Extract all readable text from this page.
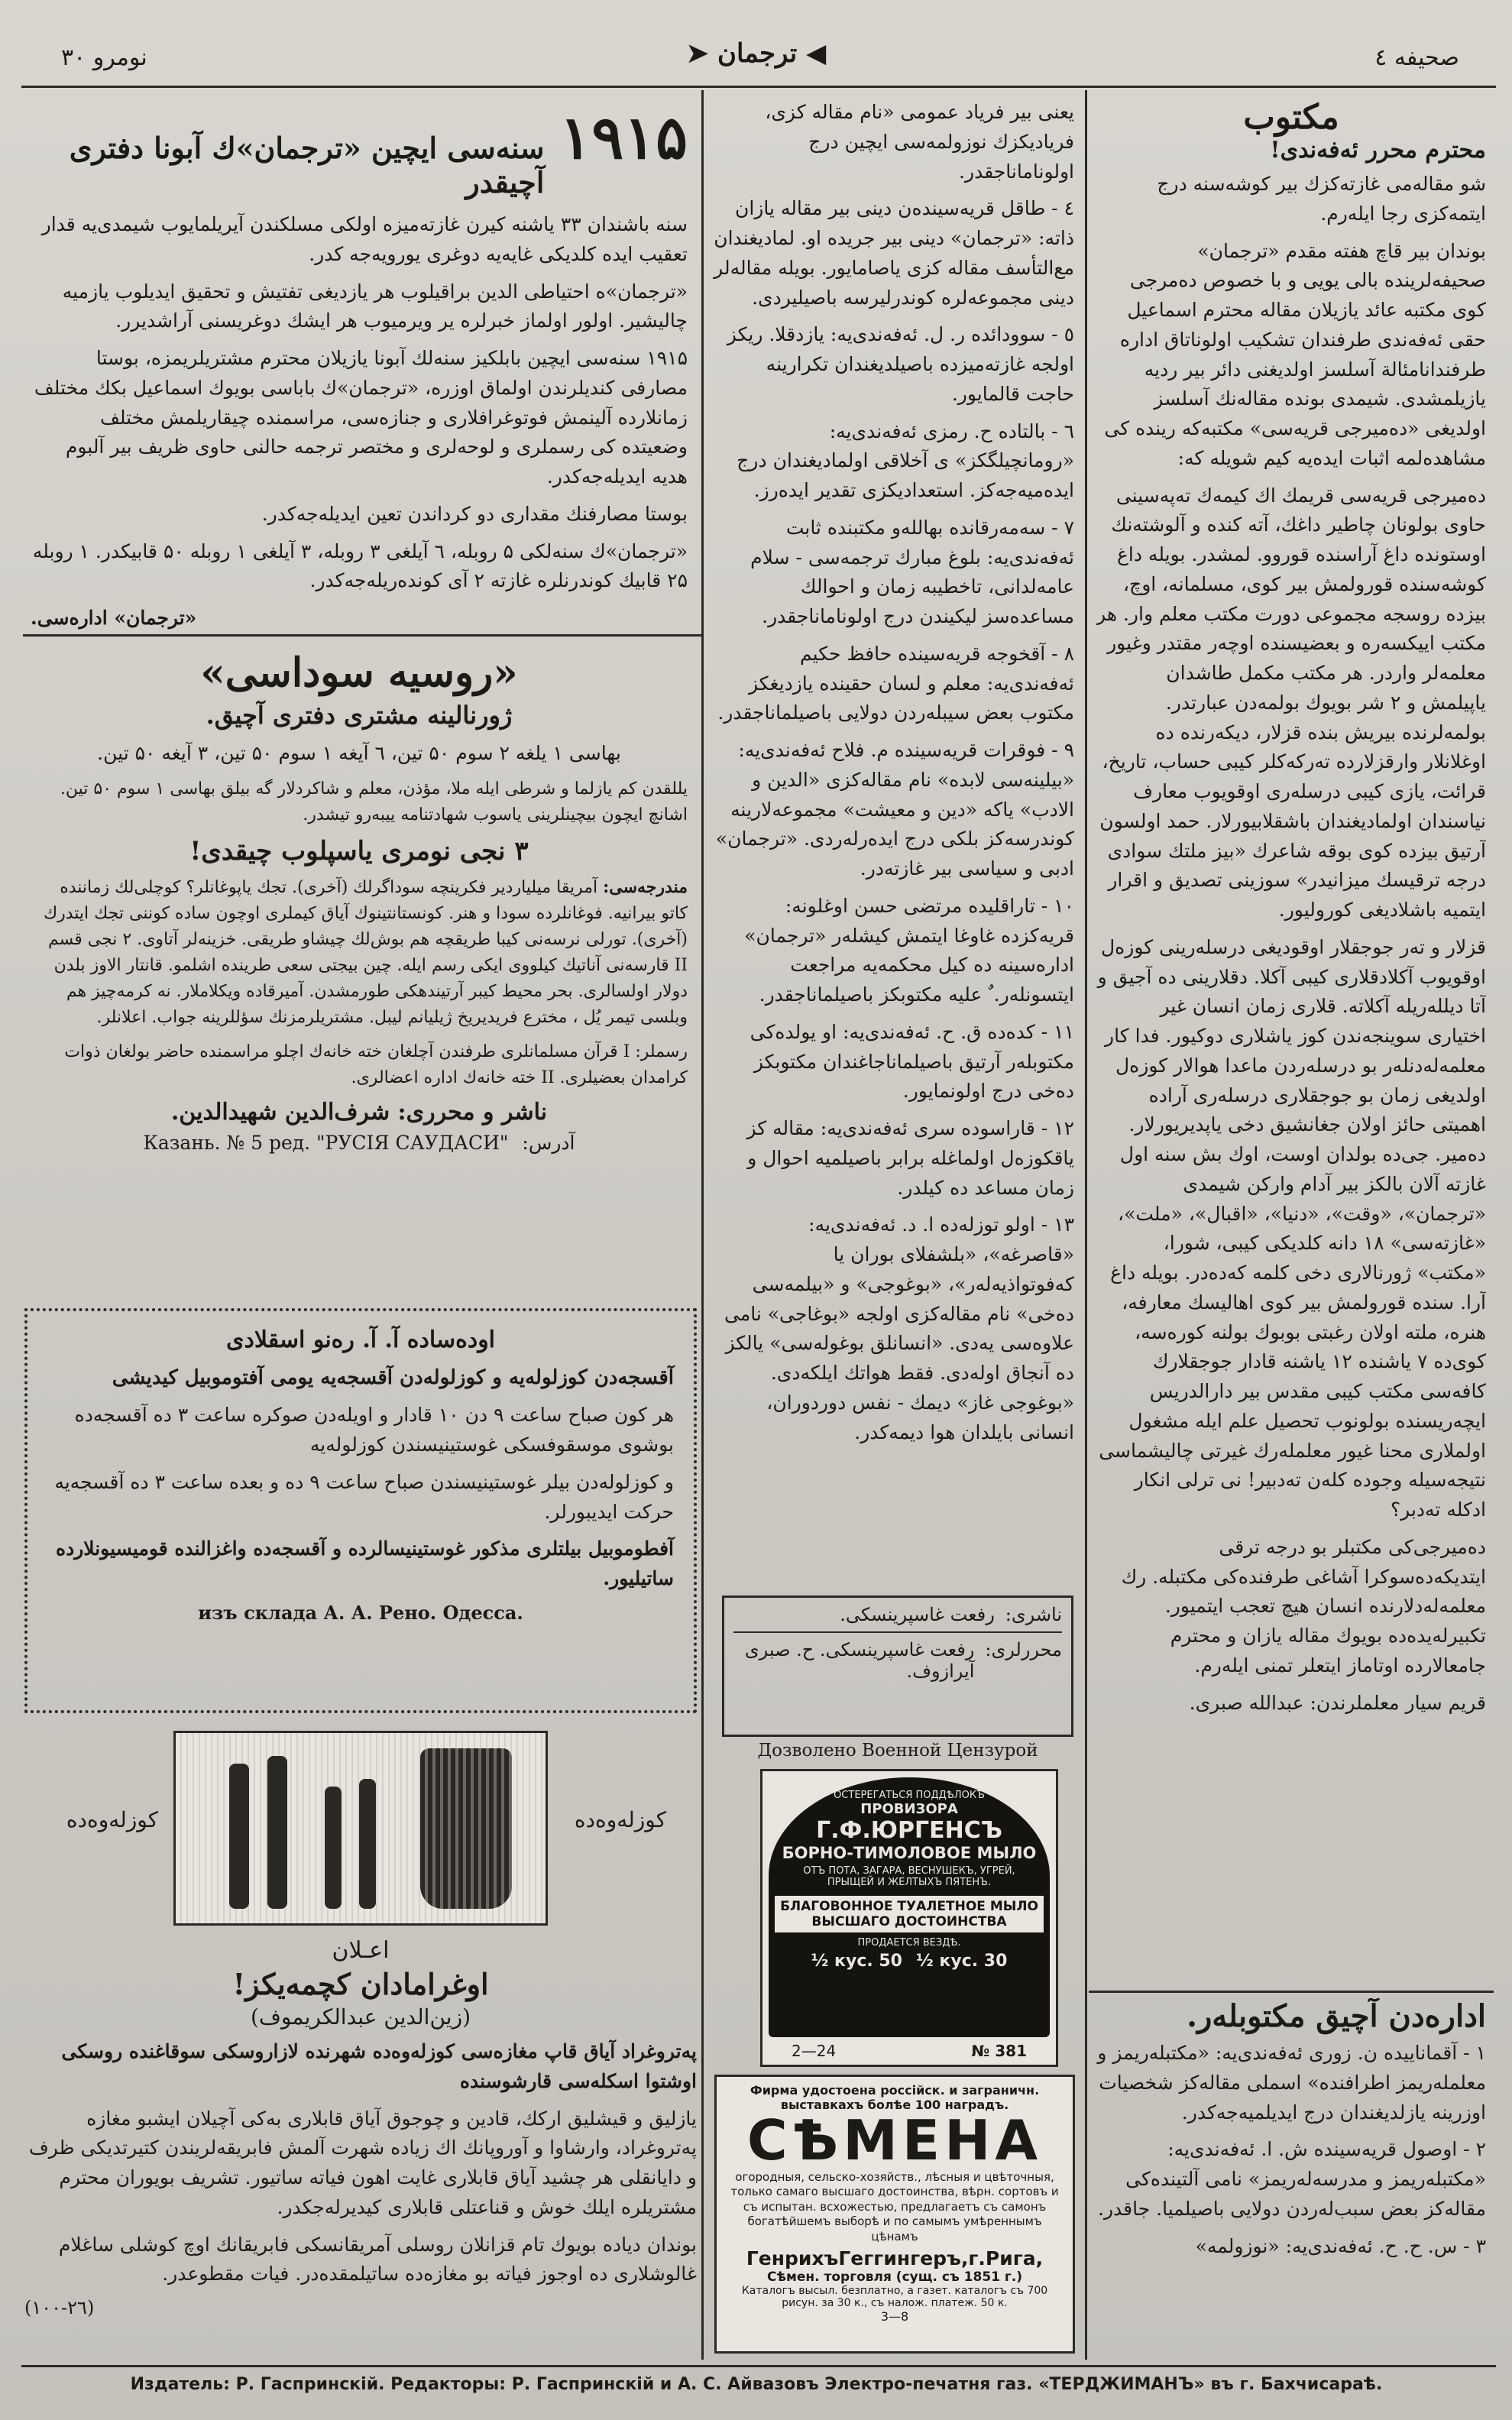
نومرو ۳۰	➤ ترجمان ◀	صحیفه ٤
۱۹۱۵
سنه‌سی ایچین «ترجمان»‌ك آبونا دفتری آچیقدر

سنه باشندان ۳۳ یاشنه کیرن غازته‌میزه اولکی مسلکندن آیریلمایوب شیمدی‌یه قدار تعقیب ایده کلدیکی غایه‌یه دوغری یورویه‌جه کدر.

«ترجمان»‌ه احتیاطی الدین براقیلوب هر یازدیغی تفتیش و تحقیق ایدیلوب یازمیه چالیشیر. اولور اولماز خبرلره یر ویرمیوب هر ایشك دوغریسنی آراشدیرر.

۱۹۱۵ سنه‌سی ایچین بابلکیز سنه‌لك آبونا یازیلان محترم مشتریلریمزه، بوستا مصارفی کندیلرندن اولماق اوزره، «ترجمان»‌ك باباسی بویوك اسماعیل بکك مختلف زمانلارده آلینمش فوتوغرافلاری و جنازه‌سی، مراسمنده چیقاریلمش مختلف وضعیتده کی رسملری و لوحه‌لری و مختصر ترجمه حالنی حاوی ظریف بیر آلبوم هدیه ایدیله‌جه‌کدر.

بوستا مصارفنك مقداری دو کرداندن تعین ایدیله‌جه‌کدر.

«ترجمان»‌ك سنه‌لکی ۵ روبله، ٦ آیلغی ۳ روبله، ۳ آیلغی ۱ روبله ۵۰ قابیکدر. ۱ روبله ۲۵ قابیك کوندرنلره غازته ۲ آی کونده‌ریله‌جه‌کدر.

«ترجمان» اداره‌سی.

«روسیه سوداسی»
ژورنالینه مشتری دفتری آچیق.

بهاسی ۱ یلغه ۲ سوم ۵۰ تین، ٦ آیغه ۱ سوم ۵۰ تین، ۳ آیغه ۵۰ تین.

یللقدن کم یازلما و شرطی ایله ملا، مؤذن، معلم و شاکردلار گه بیلق بهاسی ۱ سوم ۵۰ تین. اشانچ ایچون بیچینلرینی یاسوب شهادتنامه ییبه‌رو تیشدر.

۳ نجی نومری یاسپلوب چیقدی!

مندرجه‌سی: آمریقا میلیاردیر فکرینچه سوداگرلك (آخری). تجك یاپوغانلر؟ کوچلی‌لك زماننده کاتو بیرانیه. فوغانلرده سودا و هنر. کونستانتینوك آیاق کیملری اوچون ساده کوننی تجك ایتدرك (آخری). تورلی نرسه‌نی کیبا طریقچه هم بوش‌لك چیشاو طریقی. خزینه‌لر آتاوی. ۲ نجی قسم II قارسه‌نی آناتیك کیلووی ایکی رسم ایله. چین بیجتی سعی طرینده اشلمو. قانتار الاوز بلدن دولار اولسالری. بحر محیط کیبر آرتیندهکی طورمشدن. آمیرقاده ویکلاملار. نه کرمه‌چیز هم وبلسی تیمر یُل ، مخترع فریدیریخ ژیلیانم لیبل. مشتریلرمزنك سؤللرینه جواب. اعلانلر.

رسملر: I قرآن مسلمانلری طرفندن آچلغان خته خانه‌ك اچلو مراسمنده حاضر بولغان ذوات کرامدان بعضیلری. II خته خانه‌ك اداره اعضالری.

ناشر و محرری: شرف‌الدین شهیدالدین.
آدرس:
Казань. № 5 ред. "РУСІЯ САУДАСИ"
اودەسادە آ. آ. رەنو اسقلادی

آقسجەدن کوزلولەیە و کوزلولەدن آقسجەیە یومی آفتوموبیل کیدیشی

هر کون صباح ساعت ۹ دن ۱۰ قادار و اویلەدن صوکرە ساعت ۳ دە آقسجەدە بوشوی موسقوفسکی غوستینیسندن کوزلولەیە

و کوزلولەدن بیلر غوستینیسندن صباح ساعت ۹ دە و بعدە ساعت ۳ دە آقسجەیە حرکت ایدیبورلر.

آفطوموبیل بیلتلری مذکور غوستینیسالردە و آقسجەدە واغزالندە قومیسیونلاردە ساتیلیور.

изъ склада А. А. Рено. Одесса.
کوزلەوەدە	کوزلەوەدە
اعـلان
اوغرامادان کچمەیکز!
(زین‌الدین عبدالکریموف)

پەتروغراد آیاق قاپ مغازەسی کوزلەوەدە شهرندە لازاروسکی سوقاغندە روسکی اوشتوا اسکلەسی قارشوسندە

یازلیق و قیشلیق ارکك، قادین و چوجوق آیاق قابلاری بەکی آچیلان ایشبو مغازە پەتروغراد، وارشاوا و آوروپانك اك زیادە شهرت آلمش فابریقەلریندن کتیرتدیکی ظرف و دایانقلی هر چشید آیاق قابلاری غایت اهون فیاتە ساتیور. تشریف بویوران محترم مشتریلرە ایلك خوش و قناعتلی قابلاری کیدیرلەجکدر.

بوندان دیادە بویوك تام قزانلان روسلی آمریقانسکی فابریقانك اوچ کوشلی ساغلام غالوشلاری دە اوجوز فیاتە بو مغازەدە ساتیلمقدەدر. فیات مقطوعدر.

(٢٦-١٠٠)

یعنی بیر فریاد عمومی «نام مقالە کزی، فریادیکزك نوزولمەسی ایچین درج اولوناماناجقدر.

٤ - طاقل قریەسیندەن دینی بیر مقالە یازان ذاتە: «ترجمان» دینی بیر جریدە او. لمادیغندان مع‌التأسف مقالە کزی یاصامایور. بویلە مقالەلر دینی مجموعەلرە کوندرلیرسە باصیلیردی.

٥ - سوودائدە ر. ل. ئەفەندی‌یە: یازدقلا. ریکز اولجە غازتەمیزدە باصیلدیغندان تکرارینە حاجت قالمایور.

٦ - بالتادە ح. رمزی ئەفەندی‌یە: «رومانچیلگکز» ی آخلاقی اولمادیغندان درج ایدەمیەجەکز. استعدادیکزی تقدیر ایدەرز.

٧ - سەمەرقاندە بهاللەو مکتبندە ثابت ئەفەندی‌یە: بلوغ مبارك ترجمەسی - سلام عامەلدانی، تاخطیبە زمان و احوالك مساعدەسز لیکیندن درج اولوناماناجقدر.

٨ - آقخوجە قریەسیندە حافظ حکیم ئەفەندی‌یە: معلم و لسان حقیندە یازدیغکز مکتوب بعض سیبلەردن دولایی باصیلماناجقدر.

٩ - فوقرات قریەسیندە م. فلاح ئەفەندی‌یە: «بیلینەسی لابدە» نام مقالەکزی «الدین و الادب» یاکە «دین و معیشت» مجموعەلارینە کوندرسە‌کز بلکی درج ایدەرلەردی. «ترجمان» ادبی و سیاسی بیر غازتەدر.

١٠ - تاراقلیدە مرتضی حسن اوغلونە: قریەکزدە غاوغا ایتمش کیشلەر «ترجمان» ادارەسینە دە کیل محکمەیە مراجعت ایتسونلەر. ٌ عليه مکتوبکز باصیلماناجقدر.

١١ - کدە‌دە ق. ح. ئەفەندی‌یە: او یولدەکی مکتوبلەر آرتیق باصیلماناجاغندان مکتوبکز دەخی درج اولونمایور.

١٢ - قاراسودە سری ئەفەندی‌یە: مقالە کز یاقکوزەل اولماغلە برابر باصیلمیە احوال و زمان مساعد دە کیلدر.

١٣ - اولو توزلەدە ا. د. ئەفەندی‌یە: «قاصرغە»، «بلشفلای بوران یا کەفوتواذیەلەر»، «بوغوجی» و «بیلمەسی دەخی» نام مقالەکزی اولجە «بوغاجی» نامی علاوەسی یەدی. «انسانلق بوغولەسی» یالکز دە آنجاق اولەدی. فقط هواتك ایلکەدی. «بوغوجی غاز» دیمك - نفس دوردوران، انسانی بایلدان هوا دیمەکدر.

ناشری:
رفعت غاسپرینسکی.
محررلری:
رفعت غاسپرینسکی. ح. صبری آیرازوف.
Дозволено Военной Цензурой
ОСТЕРЕГАТЬСЯ ПОДДѢЛОКЪ
ПРОВИЗОРА
Г.Ф.ЮРГЕНСЪ
БОРНО-ТИМОЛОВОЕ МЫЛО
ОТЪ ПОТА, ЗАГАРА, ВЕСНУШЕКЪ, УГРЕЙ, ПРЫЩЕЙ И ЖЕЛТЫХЪ ПЯТЕНЪ.
БЛАГОВОННОЕ ТУАЛЕТНОЕ МЫЛО ВЫСШАГО ДОСТОИНСТВА
ПРОДАЕТСЯ ВЕЗДѢ.
½ кус. 50 ½ кус. 30
2—24	№ 381
Фирма удостоена россійск. и заграничн. выставкахъ болѣе 100 наградъ.
СѢМЕНА
огородныя, сельско-хозяйств., лѣсныя и цвѣточныя, только самаго высшаго достоинства, вѣрн. сортовъ и съ испытан. всхожестью, предлагаетъ съ самонъ богатѣйшемъ выборѣ и по самымъ умѣреннымъ цѣнамъ
ГенрихъГеггингеръ,г.Рига,
Сѣмен. торговля (сущ. съ 1851 г.)
Каталогъ высыл. безплатно, а газет. каталогъ съ 700 рисун. за 30 к., съ налож. платеж. 50 к.
3—8
مکتوب
محترم محرر ئەفەندی!

شو مقالەمی غازتەکزك بیر کوشەسنە درج ایتمەکزی رجا ایلەرم.

بوندان بیر قاچ هفتە مقدم «ترجمان» صحیفەلریندە بالی یویی و با خصوص دەمرجی کوی مکتبە عائد یازیلان مقالە محترم اسماعیل حقی ئەفەندی طرفندان تشکیب اولوناتاق ادارە طرفندانامئالة آسلسز اولدیغنی دائر بیر ردیە یازیلمشدی. شیمدی بوندە مقالەنك آسلسز اولدیغی «دەمیرجی قریەسی» مکتبەکە ریندە کی مشاهدەلمە اثبات ایدەیە کیم شویلە کە:

دەمیرجی قریەسی قریمك اك کیمەك تەپەسینی حاوی بولونان چاطیر داغك، آتە کندە و آلوشتەنك اوستوندە داغ آراسندە قوروو. لمشدر. بویلە داغ کوشەسندە قورولمش بیر کوی، مسلمانە، اوچ، بیزدە روسجە مجموعی دورت مکتب معلم وار. هر مکتب اییکسەرە و بعضیسندە اوچەر مقتدر وغیور معلمەلر واردر. هر مکتب مکمل طاشدان یاپیلمش و ۲ شر بویوك بولمەدن عبارتدر. بولمەلرندە بیریش بندە قزلار، دیکەرندە دە اوغلانلار وارقزلاردە تەرکەکلر کیبی حساب، تاریخ، قرائت، یازی کیبی درسلەری اوقویوب معارف نیاسندان اولمادیغندان باشقلابیورلار. حمد اولسون آرتیق بیزدە کوی بوقه شاعرك «بیز ملتك سوادی درجە ترقیسك میزانیدر» سوزینی تصدیق و اقرار ایتمیە باشلادیغی کورولیور.

قزلار و تەر جوجقلار اوقودیغی درسلەرینی کوزەل اوقویوب آکلادقلاری کیبی آکلا. دقلارینی دە آجیق و آتا دیللەریلە آکلاتە. قلاری زمان انسان غیر اختیاری سوینجەندن کوز یاشلاری دوکیور. فدا کار معلمەلەدنلەر بو درسلەردن ماعدا هوالار کوزەل اولدیغی زمان بو جوجقلاری درسلەری آرادە اهمیتی حائز اولان جغانشیق دخی یاپدیریورلار. دەمیر. جی‌دە بولدان اوست، اوك بش سنە اول غازتە آلان بالکز بیر آدام وارکن شیمدی «ترجمان»، «وقت»، «دنیا»، «اقبال»، «ملت»، «غازتەسی» ۱۸ دانە کلدیکی کیبی، شورا، «مکتب» ژورنالاری دخی کلمە کەدەدر. بویلە داغ آرا. سندە قورولمش بیر کوی اهالیسك معارفە، هنرە، ملتە اولان رغبتی بوبوك بولنە کورەسە، کوی‌دە ۷ یاشندە ۱۲ یاشنە قادار جوجقلارك کافەسی مکتب کیبی مقدس بیر دارالدریس ایچەریسندە بولونوب تحصیل علم ایلە مشغول اولملاری محنا غیور معلملەرك غیرتی چالیشماسی نتیجەسیلە وجودە کلەن تەدبیر! نی ترلی انکار ادکلە تەدبر؟

دەمیرجی‌کی مکتبلر بو درجە ترقی ایتدیکەدەسوكرا آشاغی طرفندە‌کی مکتبلە. رك معلمەلەدلارندە انسان هیچ تعجب ایتمیور. تكبیرلەیدە‌دە بویوك مقالە یازان و محترم جامعالاردە اوتاماز ایتعلر تمنی ایلەرم.

قریم سیار معلملرندن: عبدالله صبری.

ادارەدن آچیق مکتوبلەر.

۱ - آقماناییدە ن. زوری ئەفەندی‌یە: «مکتبلەریمز و معلملەریمز اطرافندە» اسملی مقالە‌کز شخصیات اوزرینە یازلدیغندان درج ایدیلمیەجەکدر.

۲ - اوصول قریەسیندە ش. ا. ئەفەندی‌یە: «مکتبلەریمز و مدرسەلەریمز» نامی آلتیندە‌کی مقالە‌کز بعض سبب‌لەردن دولایی باصیلمیا. جاقدر.

۳ - س. ح. ح. ئەفەندی‌یە: «نوزولمه»

Издатель: Р. Гаспринскій. Редакторы: Р. Гаспринскій и А. С. Айвазовъ Электро-печатня газ. «ТЕРДЖИМАНЪ» въ г. Бахчисараѣ.
